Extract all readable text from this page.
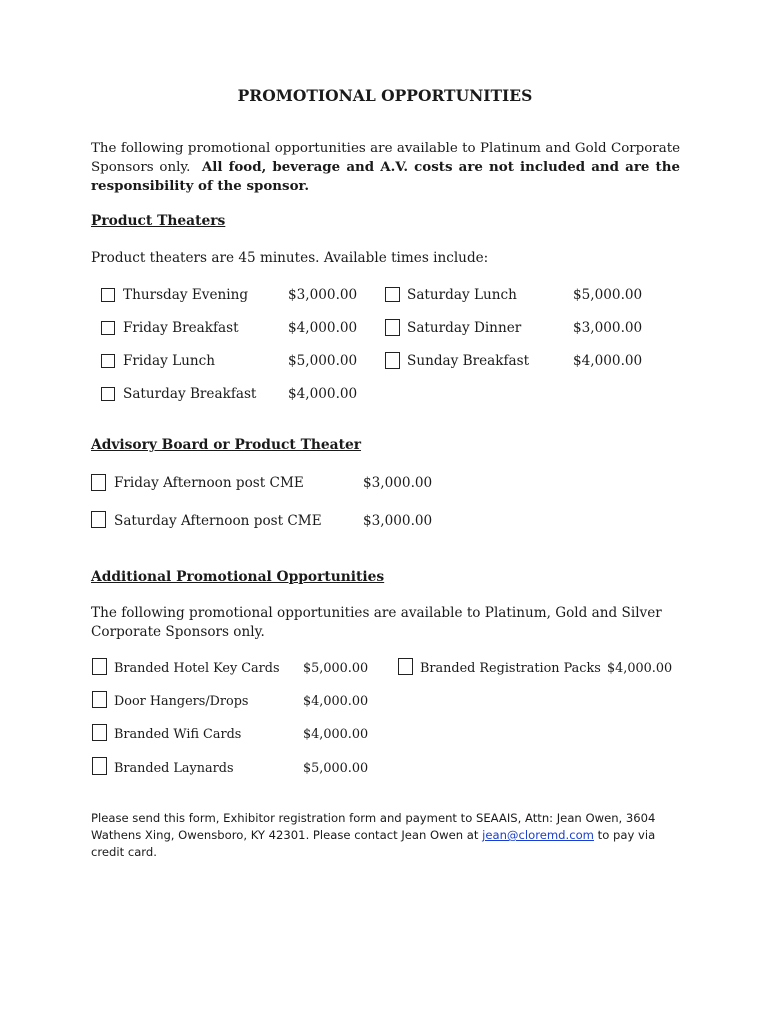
PROMOTIONAL OPPORTUNITIES
The following promotional opportunities are available to Platinum and Gold Corporate Sponsors only. All food, beverage and A.V. costs are not included and are the responsibility of the sponsor.
Product Theaters
Product theaters are 45 minutes. Available times include:
Thursday Evening	$3,000.00
Friday Breakfast	$4,000.00
Friday Lunch	$5,000.00
Saturday Breakfast $4,000.00
Saturday Lunch	$5,000.00
Saturday Dinner	$3,000.00
Sunday Breakfast	$4,000.00
Advisory Board or Product Theater
Friday Afternoon post CME	$3,000.00
Saturday Afternoon post CME	$3,000.00
Additional Promotional Opportunities
The following promotional opportunities are available to Platinum, Gold and Silver
Corporate Sponsors only.
Branded Hotel Key Cards $5,000.00
Door Hangers/Drops	$4,000.00
Branded Wifi Cards	$4,000.00
Branded Laynards	$5,000.00
Branded Registration Packs $4,000.00
Please send this form, Exhibitor registration form and payment to SEAAIS, Attn: Jean Owen, 3604 Wathens Xing, Owensboro, KY 42301. Please contact Jean Owen at jean@cloremd.com to pay via credit card.
